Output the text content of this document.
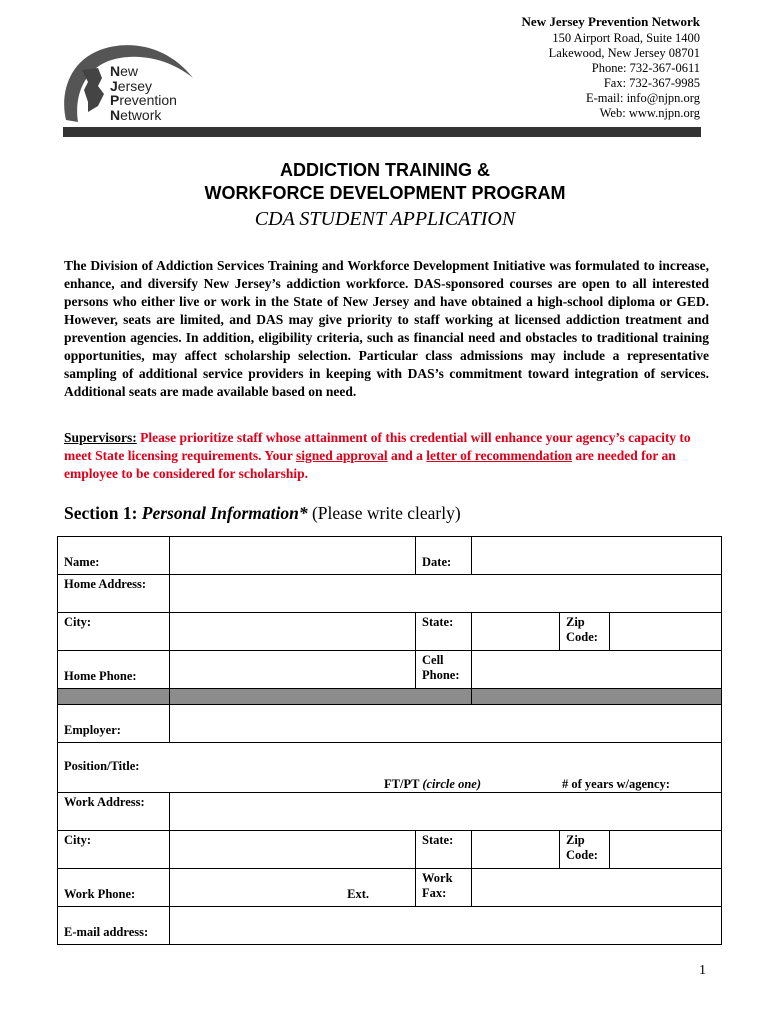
New Jersey Prevention Network
150 Airport Road, Suite 1400
Lakewood, New Jersey 08701
Phone: 732-367-0611
Fax: 732-367-9985
E-mail: info@njpn.org
Web: www.njpn.org
New
Jersey
Prevention
Network
ADDICTION TRAINING &
WORKFORCE DEVELOPMENT PROGRAM
CDA STUDENT APPLICATION
The Division of Addiction Services Training and Workforce Development Initiative was formulated to increase, enhance, and diversify New Jersey’s addiction workforce. DAS-sponsored courses are open to all interested persons who either live or work in the State of New Jersey and have obtained a high-school diploma or GED. However, seats are limited, and DAS may give priority to staff working at licensed addiction treatment and prevention agencies. In addition, eligibility criteria, such as financial need and obstacles to traditional training opportunities, may affect scholarship selection. Particular class admissions may include a representative sampling of additional service providers in keeping with DAS’s commitment toward integration of services. Additional seats are made available based on need.
Supervisors: Please prioritize staff whose attainment of this credential will enhance your agency’s capacity to meet State licensing requirements. Your signed approval and a letter of recommendation are needed for an employee to be considered for scholarship.
Section 1: Personal Information* (Please write clearly)
Name:		Date:			
Home Address:					
City:		State:		Zip
Code:	

Home Phone:		Cell
Phone:			

Employer:					

Position/Title:
FT/PT (circle one) # of years w/agency:					

Work Address:					
City:		State:		Zip
Code:	

Work Phone:	Ext.	Work
Fax:			

E-mail address:					
1
